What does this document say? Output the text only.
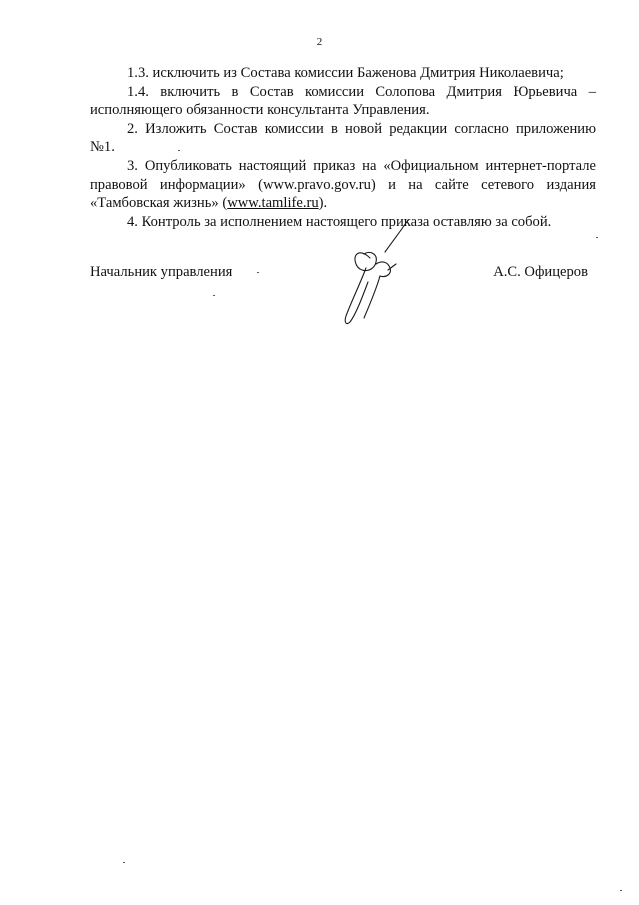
2

1.3. исключить из Состава комиссии Баженова Дмитрия Николаевича;

1.4. включить в Состав комиссии Солопова Дмитрия Юрьевича – исполняющего обязанности консультанта Управления.

2. Изложить Состав комиссии в новой редакции согласно приложению №1.

3. Опубликовать настоящий приказ на «Официальном интернет-портале правовой информации» (www.pravo.gov.ru) и на сайте сетевого издания «Тамбовская жизнь» (www.tamlife.ru).

4. Контроль за исполнением настоящего приказа оставляю за собой.

Начальник управления	А.С. Офицеров
